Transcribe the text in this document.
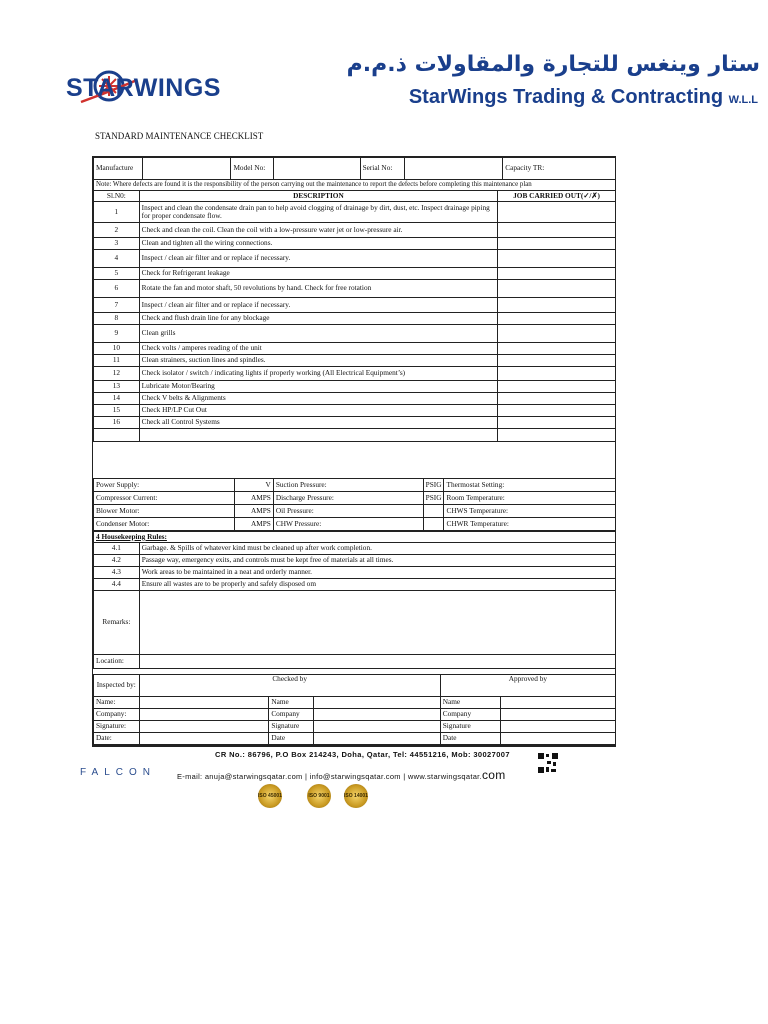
STARWINGS
ستار وينغس للتجارة والمقاولات ذ.م.م
StarWings Trading & Contracting W.L.L
STANDARD MAINTENANCE CHECKLIST
Manufacture		Model No:		Serial No:		Capacity TR:
Note: Where defects are found it is the responsibility of the person carrying out the maintenance to report the defects before completing this maintenance plan
Sl.N0:	DESCRIPTION	JOB CARRIED OUT(✓/✗)
1	Inspect and clean the condensate drain pan to help avoid clogging of drainage by dirt, dust, etc. Inspect drainage piping for proper condensate flow.	
2	Check and clean the coil. Clean the coil with a low-pressure water jet or low-pressure air.	
3	Clean and tighten all the wiring connections.	
4	Inspect / clean air filter and or replace if necessary.	
5	Check for Refrigerant leakage	
6	Rotate the fan and motor shaft, 50 revolutions by hand. Check for free rotation	
7	Inspect / clean air filter and or replace if necessary.	
8	Check and flush drain line for any blockage	
9	Clean grills	
10	Check volts / amperes reading of the unit	
11	Clean strainers, suction lines and spindles.	
12	Check isolator / switch / indicating lights if properly working (All Electrical Equipment’s)	
13	Lubricate Motor/Bearing	
14	Check V belts & Alignments	
15	Check HP/LP Cut Out	
16	Check all Control Systems	

Power Supply:	V	Suction Pressure:	PSIG	Thermostat Setting:
Compressor Current:	AMPS	Discharge Pressure:	PSIG	Room Temperature:
Blower Motor:	AMPS	Oil Pressure:		CHWS Temperature:
Condenser Motor:	AMPS	CHW Pressure:		CHWR Temperature:
4 Housekeeping Rules:	
4.1	Garbage. & Spills of whatever kind must be cleaned up after work completion.
4.2	Passage way, emergency exits, and controls must be kept free of materials at all times.
4.3	Work areas to be maintained in a neat and orderly manner.
4.4	Ensure all wastes are to be properly and safely disposed om
Remarks:	
Location:	
Inspected by:	Checked by			Approved by	
Name:		Name		Name	
Company:		Company		Company	
Signature:		Signature		Signature	
Date:		Date		Date	
CR No.: 86796, P.O Box 214243, Doha, Qatar, Tel: 44551216, Mob: 30027007
FALCON	E-mail: anuja@starwingsqatar.com | info@starwingsqatar.com | www.starwingsqatar.com
ISO 45001	ISO 9001	ISO 14001
